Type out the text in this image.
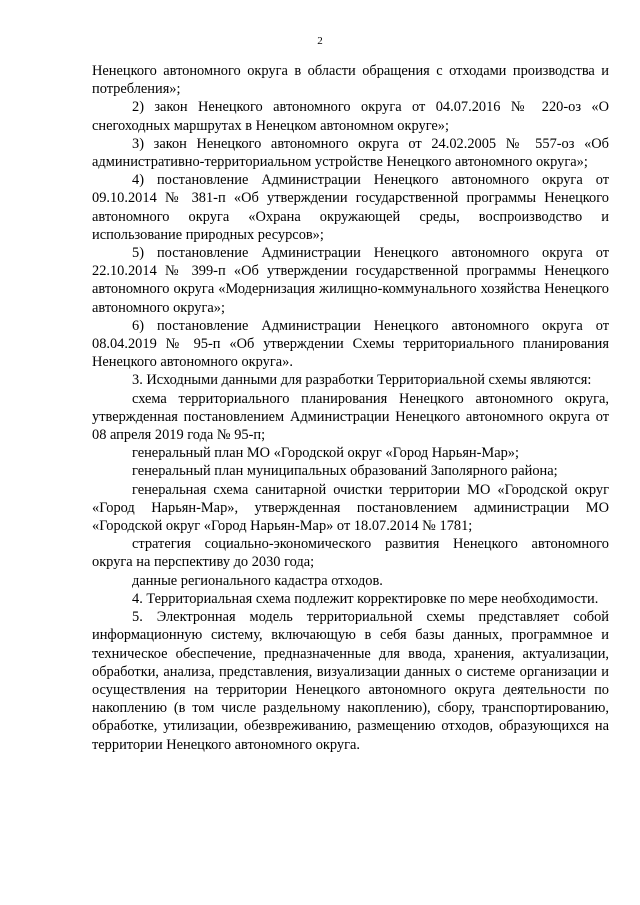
2

Ненецкого автономного округа в области обращения с отходами производства и потребления»;

2) закон Ненецкого автономного округа от 04.07.2016 № 220-оз «О снегоходных маршрутах в Ненецком автономном округе»;

3) закон Ненецкого автономного округа от 24.02.2005 № 557-оз «Об административно-территориальном устройстве Ненецкого автономного округа»;

4) постановление Администрации Ненецкого автономного округа от 09.10.2014 № 381-п «Об утверждении государственной программы Ненецкого автономного округа «Охрана окружающей среды, воспроизводство и использование природных ресурсов»;

5) постановление Администрации Ненецкого автономного округа от 22.10.2014 № 399-п «Об утверждении государственной программы Ненецкого автономного округа «Модернизация жилищно-коммунального хозяйства Ненецкого автономного округа»;

6) постановление Администрации Ненецкого автономного округа от 08.04.2019 № 95-п «Об утверждении Схемы территориального планирования Ненецкого автономного округа».

3. Исходными данными для разработки Территориальной схемы являются:

схема территориального планирования Ненецкого автономного округа, утвержденная постановлением Администрации Ненецкого автономного округа от 08 апреля 2019 года № 95-п;

генеральный план МО «Городской округ «Город Нарьян-Мар»;

генеральный план муниципальных образований Заполярного района;

генеральная схема санитарной очистки территории МО «Городской округ «Город Нарьян-Мар», утвержденная постановлением администрации МО «Городской округ «Город Нарьян-Мар» от 18.07.2014 № 1781;

стратегия социально-экономического развития Ненецкого автономного округа на перспективу до 2030 года;

данные регионального кадастра отходов.

4. Территориальная схема подлежит корректировке по мере необходимости.

5. Электронная модель территориальной схемы представляет собой информационную систему, включающую в себя базы данных, программное и техническое обеспечение, предназначенные для ввода, хранения, актуализации, обработки, анализа, представления, визуализации данных о системе организации и осуществления на территории Ненецкого автономного округа деятельности по накоплению (в том числе раздельному накоплению), сбору, транспортированию, обработке, утилизации, обезвреживанию, размещению отходов, образующихся на территории Ненецкого автономного округа.
